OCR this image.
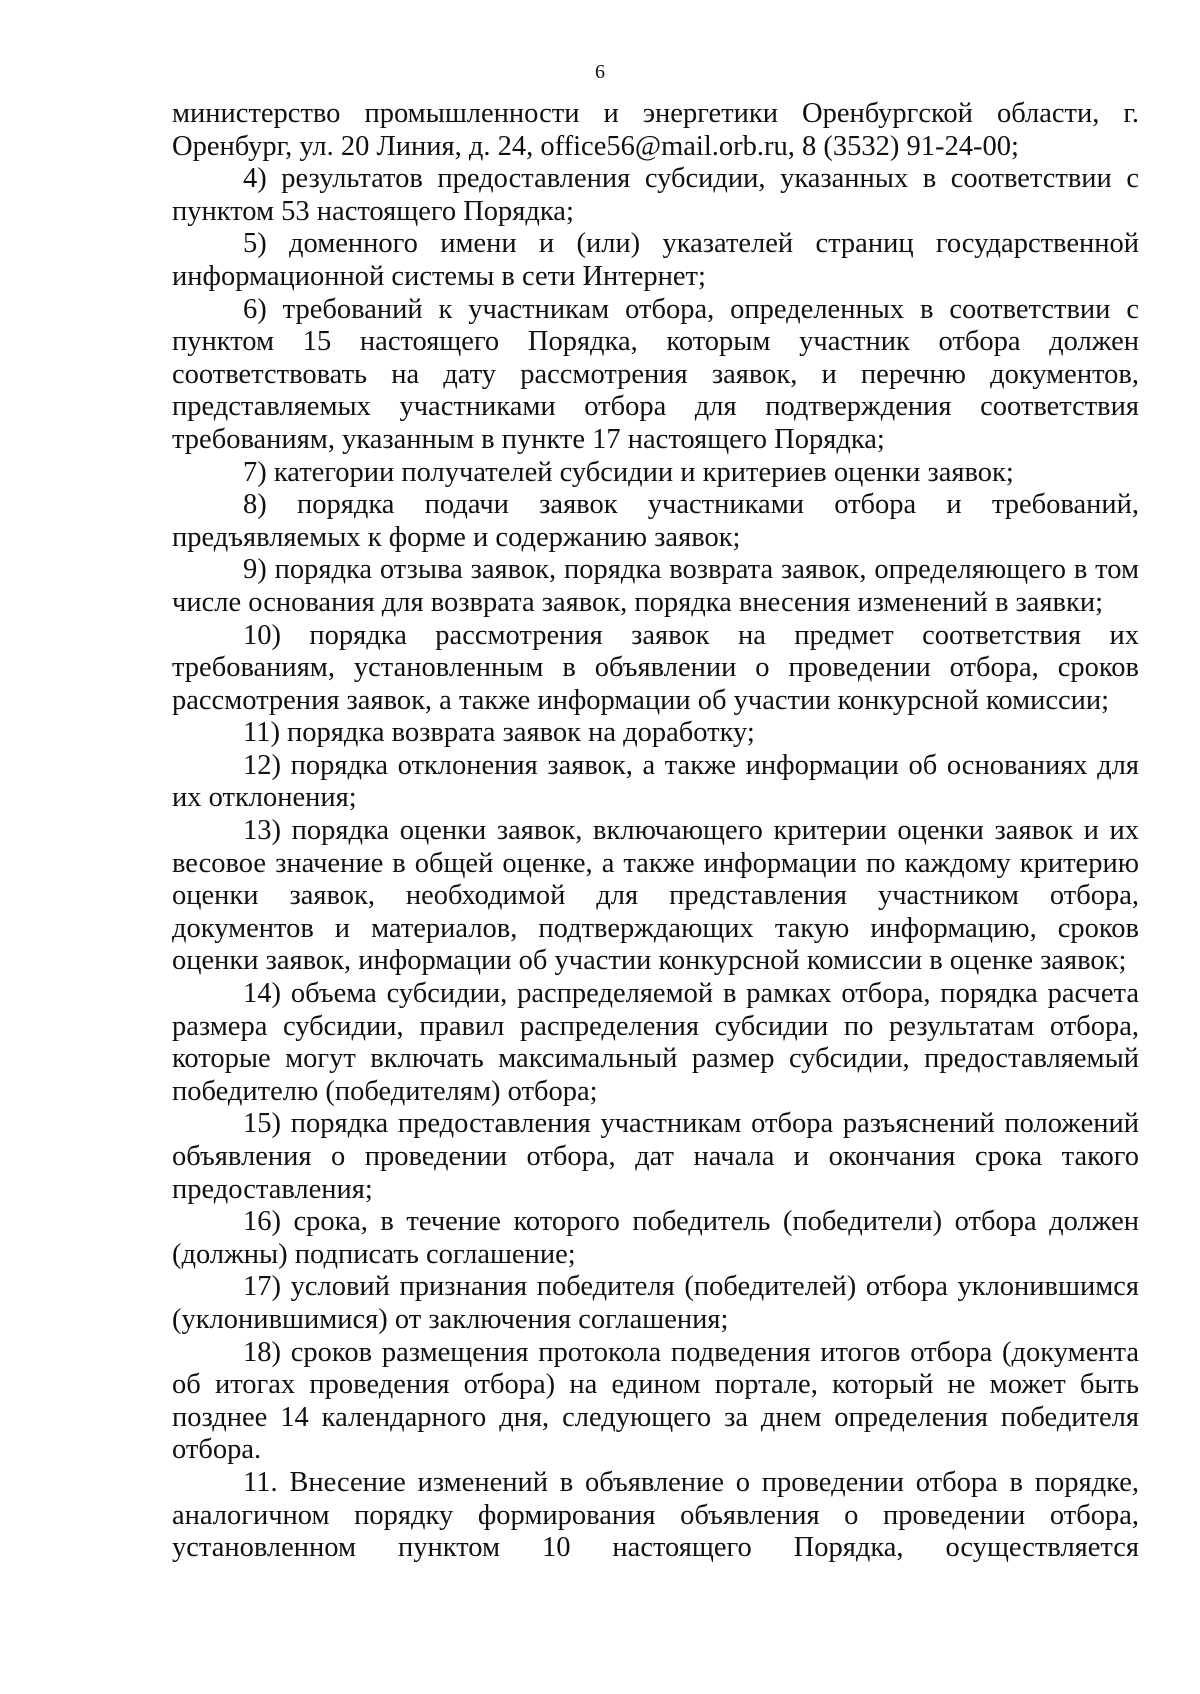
6

министерство промышленности и энергетики Оренбургской области, г. Оренбург, ул. 20 Линия, д. 24, office56@mail.orb.ru, 8 (3532) 91-24-00;

4) результатов предоставления субсидии, указанных в соответствии с пунктом 53 настоящего Порядка;

5) доменного имени и (или) указателей страниц государственной информационной системы в сети Интернет;

6) требований к участникам отбора, определенных в соответствии с пунктом 15 настоящего Порядка, которым участник отбора должен соответствовать на дату рассмотрения заявок, и перечню документов, представляемых участниками отбора для подтверждения соответствия требованиям, указанным в пункте 17 настоящего Порядка;

7) категории получателей субсидии и критериев оценки заявок;

8) порядка подачи заявок участниками отбора и требований, предъявляемых к форме и содержанию заявок;

9) порядка отзыва заявок, порядка возврата заявок, определяющего в том числе основания для возврата заявок, порядка внесения изменений в заявки;

10) порядка рассмотрения заявок на предмет соответствия их требованиям, установленным в объявлении о проведении отбора, сроков рассмотрения заявок, а также информации об участии конкурсной комиссии;

11) порядка возврата заявок на доработку;

12) порядка отклонения заявок, а также информации об основаниях для их отклонения;

13) порядка оценки заявок, включающего критерии оценки заявок и их весовое значение в общей оценке, а также информации по каждому критерию оценки заявок, необходимой для представления участником отбора, документов и материалов, подтверждающих такую информацию, сроков оценки заявок, информации об участии конкурсной комиссии в оценке заявок;

14) объема субсидии, распределяемой в рамках отбора, порядка расчета размера субсидии, правил распределения субсидии по результатам отбора, которые могут включать максимальный размер субсидии, предоставляемый победителю (победителям) отбора;

15) порядка предоставления участникам отбора разъяснений положений объявления о проведении отбора, дат начала и окончания срока такого предоставления;

16) срока, в течение которого победитель (победители) отбора должен (должны) подписать соглашение;

17) условий признания победителя (победителей) отбора уклонившимся (уклонившимися) от заключения соглашения;

18) сроков размещения протокола подведения итогов отбора (документа об итогах проведения отбора) на едином портале, который не может быть позднее 14 календарного дня, следующего за днем определения победителя отбора.

11. Внесение изменений в объявление о проведении отбора в порядке, аналогичном порядку формирования объявления о проведении отбора, установленном пунктом 10 настоящего Порядка, осуществляется
